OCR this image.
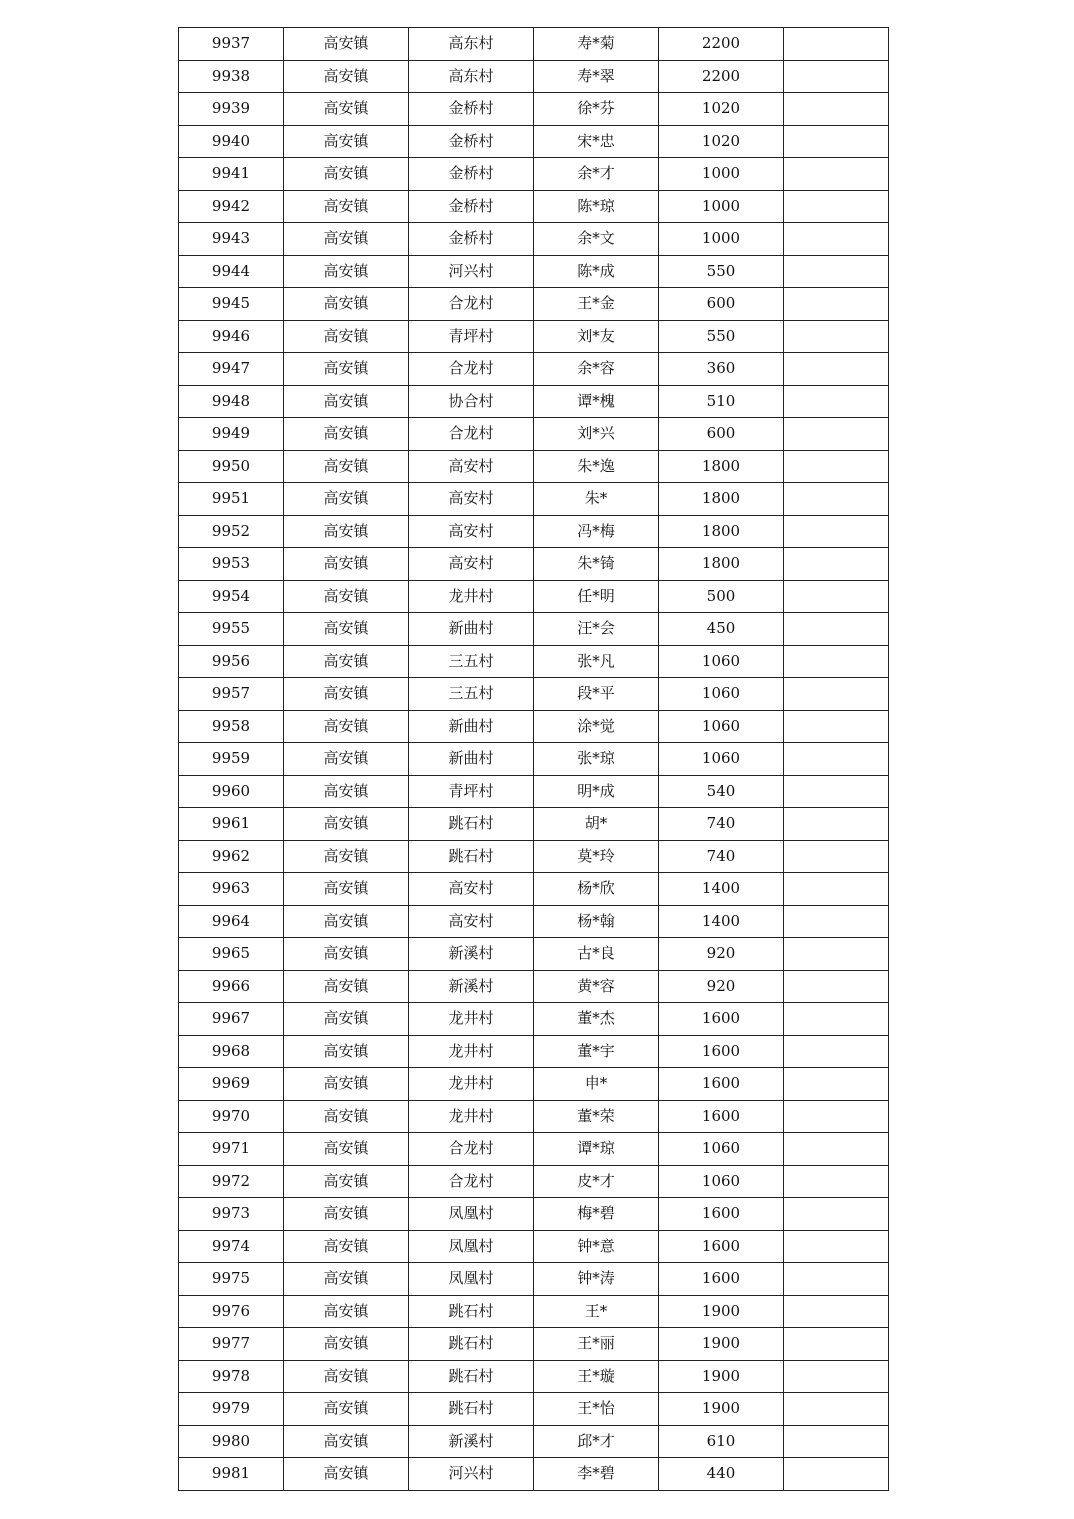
9937	高安镇	高东村	寿*菊	2200	
9938	高安镇	高东村	寿*翠	2200	
9939	高安镇	金桥村	徐*芬	1020	
9940	高安镇	金桥村	宋*忠	1020	
9941	高安镇	金桥村	余*才	1000	
9942	高安镇	金桥村	陈*琼	1000	
9943	高安镇	金桥村	余*文	1000	
9944	高安镇	河兴村	陈*成	550	
9945	高安镇	合龙村	王*金	600	
9946	高安镇	青坪村	刘*友	550	
9947	高安镇	合龙村	余*容	360	
9948	高安镇	协合村	谭*槐	510	
9949	高安镇	合龙村	刘*兴	600	
9950	高安镇	高安村	朱*逸	1800	
9951	高安镇	高安村	朱*	1800	
9952	高安镇	高安村	冯*梅	1800	
9953	高安镇	高安村	朱*锜	1800	
9954	高安镇	龙井村	任*明	500	
9955	高安镇	新曲村	汪*会	450	
9956	高安镇	三五村	张*凡	1060	
9957	高安镇	三五村	段*平	1060	
9958	高安镇	新曲村	涂*觉	1060	
9959	高安镇	新曲村	张*琼	1060	
9960	高安镇	青坪村	明*成	540	
9961	高安镇	跳石村	胡*	740	
9962	高安镇	跳石村	莫*玲	740	
9963	高安镇	高安村	杨*欣	1400	
9964	高安镇	高安村	杨*翰	1400	
9965	高安镇	新溪村	古*良	920	
9966	高安镇	新溪村	黄*容	920	
9967	高安镇	龙井村	董*杰	1600	
9968	高安镇	龙井村	董*宇	1600	
9969	高安镇	龙井村	申*	1600	
9970	高安镇	龙井村	董*荣	1600	
9971	高安镇	合龙村	谭*琼	1060	
9972	高安镇	合龙村	皮*才	1060	
9973	高安镇	凤凰村	梅*碧	1600	
9974	高安镇	凤凰村	钟*意	1600	
9975	高安镇	凤凰村	钟*涛	1600	
9976	高安镇	跳石村	王*	1900	
9977	高安镇	跳石村	王*丽	1900	
9978	高安镇	跳石村	王*璇	1900	
9979	高安镇	跳石村	王*怡	1900	
9980	高安镇	新溪村	邱*才	610	
9981	高安镇	河兴村	李*碧	440	
